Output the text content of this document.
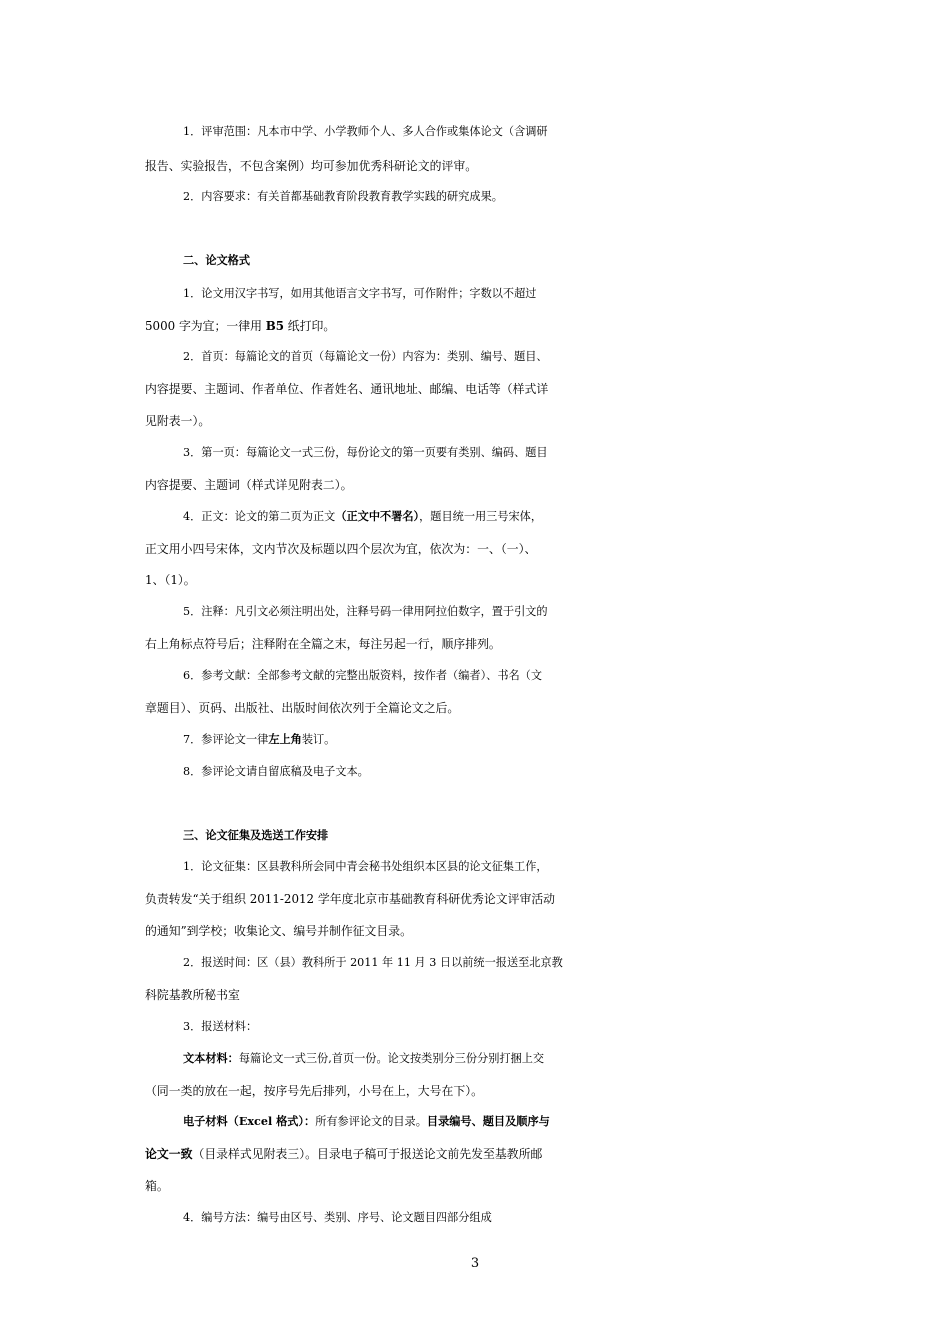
1．评审范围：凡本市中学、小学教师个人、多人合作或集体论文（含调研
报告、实验报告，不包含案例）均可参加优秀科研论文的评审。
2．内容要求：有关首都基础教育阶段教育教学实践的研究成果。
二、论文格式
1．论文用汉字书写，如用其他语言文字书写，可作附件；字数以不超过
5000 字为宜；一律用 B5 纸打印。
2．首页：每篇论文的首页（每篇论文一份）内容为：类别、编号、题目、
内容提要、主题词、作者单位、作者姓名、通讯地址、邮编、电话等（样式详
见附表一）。
3．第一页：每篇论文一式三份，每份论文的第一页要有类别、编码、题目
内容提要、主题词（样式详见附表二）。
4．正文：论文的第二页为正文（正文中不署名），题目统一用三号宋体，
正文用小四号宋体，文内节次及标题以四个层次为宜，依次为：一、（一）、
1、（1）。
5．注释：凡引文必须注明出处，注释号码一律用阿拉伯数字，置于引文的
右上角标点符号后；注释附在全篇之末，每注另起一行，顺序排列。
6．参考文献：全部参考文献的完整出版资料，按作者（编者）、书名（文
章题目）、页码、出版社、出版时间依次列于全篇论文之后。
7．参评论文一律左上角装订。
8．参评论文请自留底稿及电子文本。
三、论文征集及选送工作安排
1．论文征集：区县教科所会同中青会秘书处组织本区县的论文征集工作，
负责转发“关于组织 2011-2012 学年度北京市基础教育科研优秀论文评审活动
的通知”到学校；收集论文、编号并制作征文目录。
2．报送时间：区（县）教科所于 2011 年 11 月 3 日以前统一报送至北京教
科院基教所秘书室
3．报送材料：
文本材料：每篇论文一式三份,首页一份。论文按类别分三份分别打捆上交
（同一类的放在一起，按序号先后排列，小号在上，大号在下）。
电子材料（Excel 格式）：所有参评论文的目录。目录编号、题目及顺序与
论文一致（目录样式见附表三）。目录电子稿可于报送论文前先发至基教所邮
箱。
4．编号方法：编号由区号、类别、序号、论文题目四部分组成
3
